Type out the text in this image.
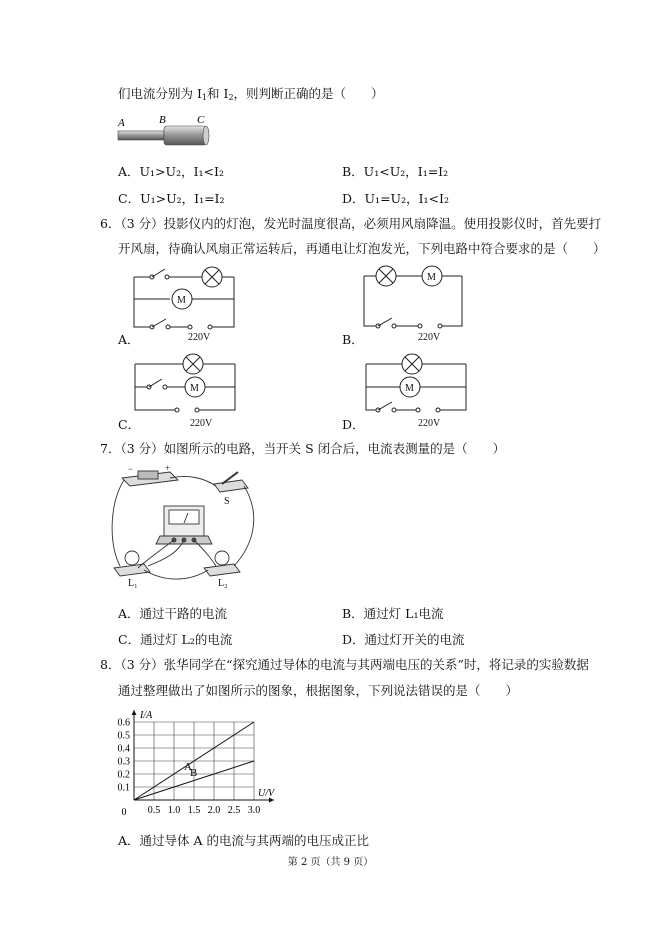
们电流分别为 $I_1$和 $I_2$，则判断正确的是（　　）
A	B	C
A．U₁>U₂，I₁<I₂	B．U₁<U₂，I₁=I₂
C．U₁>U₂，I₁=I₂	D．U₁=U₂，I₁<I₂
6．（3 分）投影仪内的灯泡，发光时温度很高，必须用风扇降温。使用投影仪时，首先要打
开风扇，待确认风扇正常运转后，再通电让灯泡发光，下列电路中符合要求的是（　　）
M
220V
A．
M
220V
B．
M
220V
C．
M
220V
D．
7．（3 分）如图所示的电路，当开关 S 闭合后，电流表测量的是（　　）
−	+
S
L₁	L₂
A．通过干路的电流	B．通过灯 L₁电流
C．通过灯 L₂的电流	D．通过灯开关的电流
8．（3 分）张华同学在“探究通过导体的电流与其两端电压的关系”时，将记录的实验数据
通过整理做出了如图所示的图象，根据图象，下列说法错误的是（　　）
A
B
0.5 1.0 1.5 2.0 2.5 3.0
0.1
0.2
0.3
0.4
0.5
0.6
0
U/V
I/A
A．通过导体 A 的电流与其两端的电压成正比
第 2 页（共 9 页）
